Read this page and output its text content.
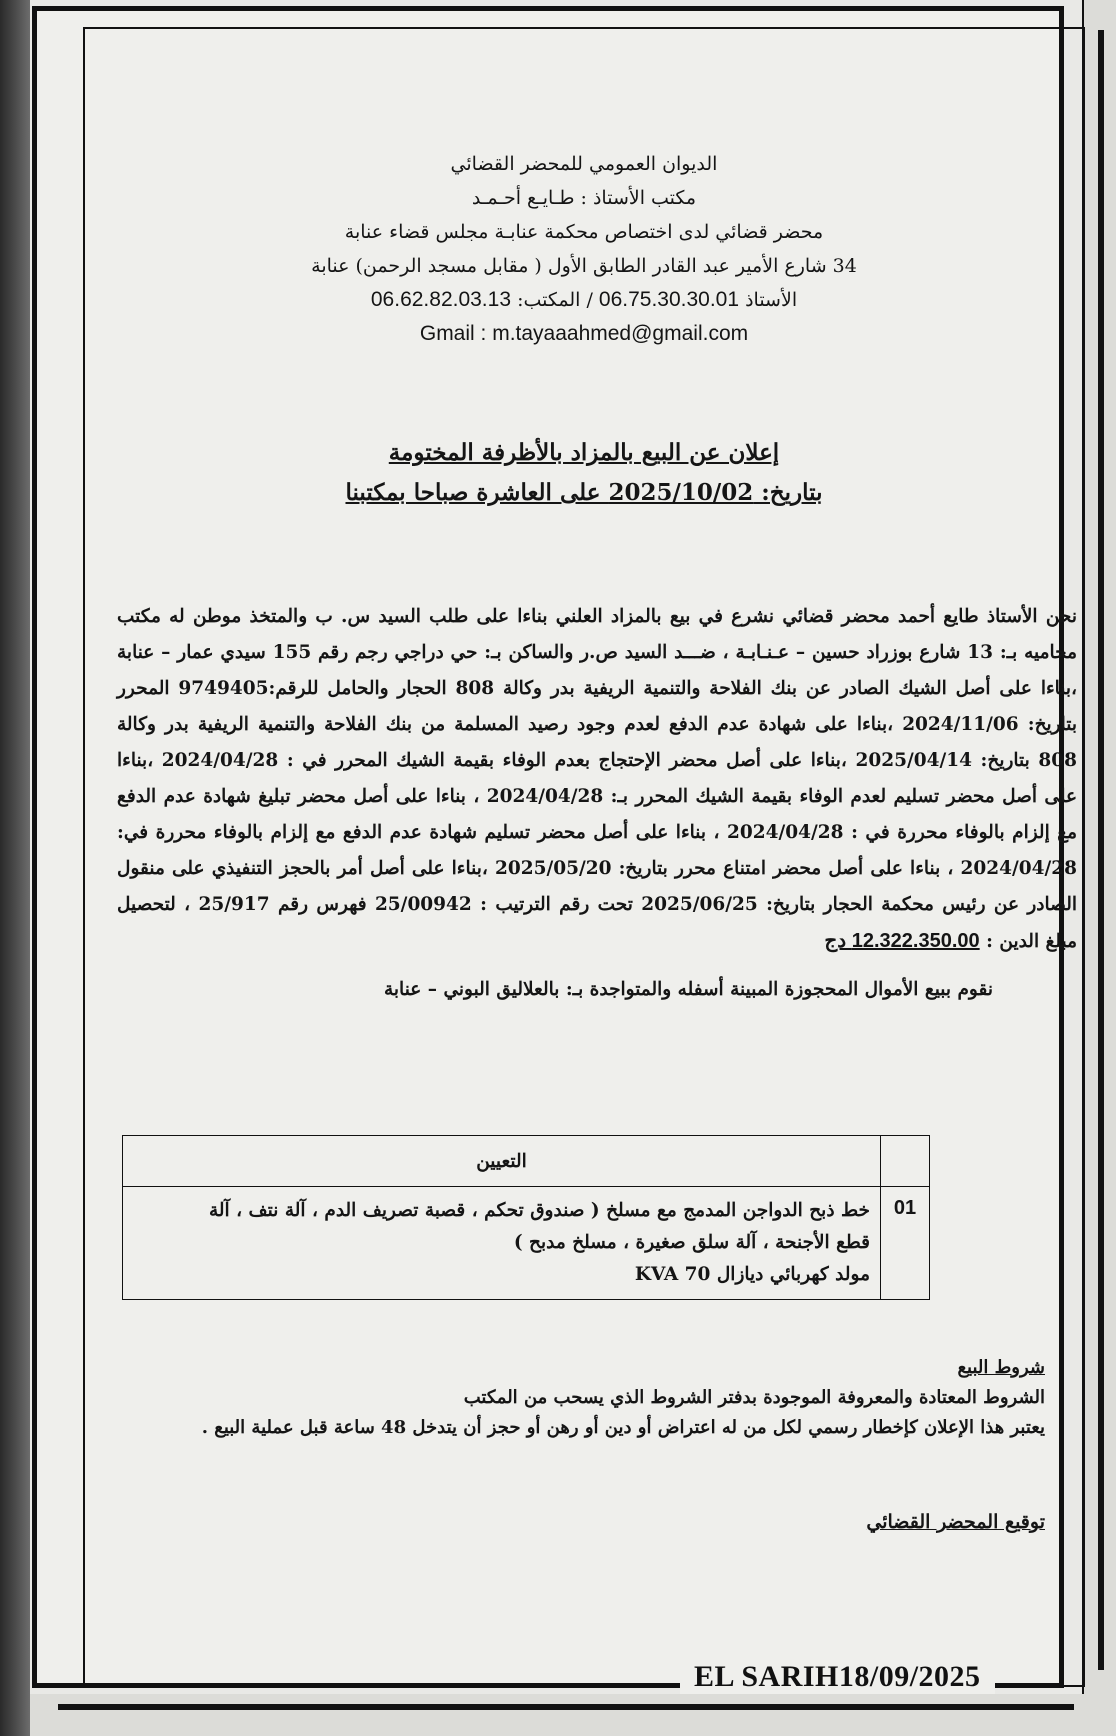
الديوان العمومي للمحضر القضائي
مكتب الأستاذ : طـايـع أحـمـد
محضر قضائي لدى اختصاص محكمة عنابـة مجلس قضاء عنابة
34 شارع الأمير عبد القادر الطابق الأول ( مقابل مسجد الرحمن) عنابة
الأستاذ 06.75.30.30.01 / المكتب: 06.62.82.03.13
Gmail : m.tayaaahmed@gmail.com
إعلان عن البيع بالمزاد بالأظرفة المختومة
بتاريخ: 2025/10/02 على العاشرة صباحا بمكتبنا
نحن الأستاذ طايع أحمد محضر قضائي نشرع في بيع بالمزاد العلني بناءا على طلب السيد س. ب والمتخذ موطن له مكتب محاميه بـ: 13 شارع بوزراد حسين – عـنـابـة ، ضـــد السيد ص.ر والساكن بـ: حي دراجي رجم رقم 155 سيدي عمار – عنابة ،بناءا على أصل الشيك الصادر عن بنك الفلاحة والتنمية الريفية بدر وكالة 808 الحجار والحامل للرقم:9749405 المحرر بتاريخ: 2024/11/06 ،بناءا على شهادة عدم الدفع لعدم وجود رصيد المسلمة من بنك الفلاحة والتنمية الريفية بدر وكالة 808 بتاريخ: 2025/04/14 ،بناءا على أصل محضر الإحتجاج بعدم الوفاء بقيمة الشيك المحرر في : 2024/04/28 ،بناءا على أصل محضر تسليم لعدم الوفاء بقيمة الشيك المحرر بـ: 2024/04/28 ، بناءا على أصل محضر تبليغ شهادة عدم الدفع مع إلزام بالوفاء محررة في : 2024/04/28 ، بناءا على أصل محضر تسليم شهادة عدم الدفع مع إلزام بالوفاء محررة في: 2024/04/28 ، بناءا على أصل محضر امتناع محرر بتاريخ: 2025/05/20 ،بناءا على أصل أمر بالحجز التنفيذي على منقول الصادر عن رئيس محكمة الحجار بتاريخ: 2025/06/25 تحت رقم الترتيب : 25/00942 فهرس رقم 25/917 ، لتحصيل مبلغ الدين : 12.322.350.00 دج
نقوم ببيع الأموال المحجوزة المبينة أسفله والمتواجدة بـ: بالعلاليق البوني – عنابة
	التعيين
01	خط ذبح الدواجن المدمج مع مسلخ ( صندوق تحكم ، قصبة تصريف الدم ، آلة نتف ، آلة
قطع الأجنحة ، آلة سلق صغيرة ، مسلخ مدبح )
مولد كهربائي ديازال 70 KVA
شروط البيع
الشروط المعتادة والمعروفة الموجودة بدفتر الشروط الذي يسحب من المكتب
يعتبر هذا الإعلان كإخطار رسمي لكل من له اعتراض أو دين أو رهن أو حجز أن يتدخل 48 ساعة قبل عملية البيع .
توقيع المحضر القضائي
EL SARIH18/09/2025
